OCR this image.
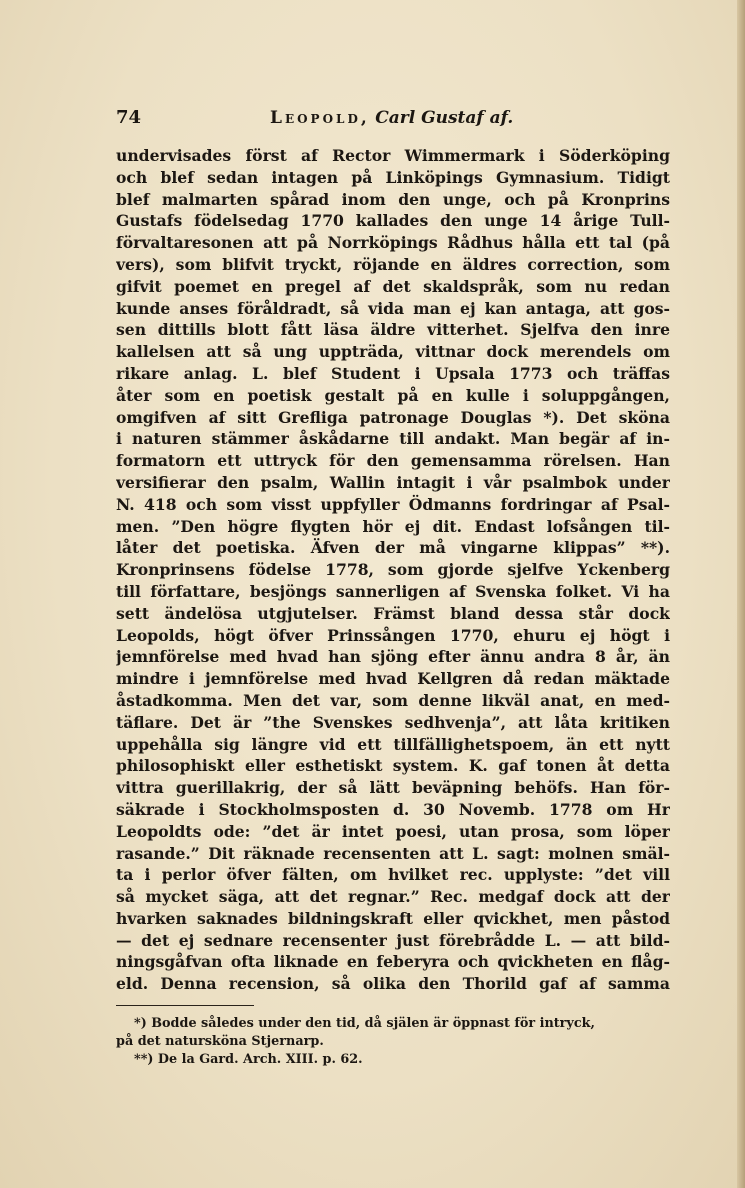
74	Leopold, Carl Gustaf af.
undervisades först af Rector Wimmermark i Söderköping
och blef sedan intagen på Linköpings Gymnasium. Tidigt
blef malmarten spårad inom den unge, och på Kronprins
Gustafs födelsedag 1770 kallades den unge 14 årige Tull-
förvaltaresonen att på Norrköpings Rådhus hålla ett tal (på
vers), som blifvit tryckt, röjande en äldres correction, som
gifvit poemet en pregel af det skaldspråk, som nu redan
kunde anses föråldradt, så vida man ej kan antaga, att gos-
sen dittills blott fått läsa äldre vitterhet. Sjelfva den inre
kallelsen att så ung uppträda, vittnar dock merendels om
rikare anlag. L. blef Student i Upsala 1773 och träffas
åter som en poetisk gestalt på en kulle i soluppgången,
omgifven af sitt Grefliga patronage Douglas *). Det sköna
i naturen stämmer åskådarne till andakt. Man begär af in-
formatorn ett uttryck för den gemensamma rörelsen. Han
versifierar den psalm, Wallin intagit i vår psalmbok under
N. 418 och som visst uppfyller Ödmanns fordringar af Psal-
men. ”Den högre flygten hör ej dit. Endast lofsången til-
låter det poetiska. Äfven der må vingarne klippas” **).
Kronprinsens födelse 1778, som gjorde sjelfve Yckenberg
till författare, besjöngs sannerligen af Svenska folket. Vi ha
sett ändelösa utgjutelser. Främst bland dessa står dock
Leopolds, högt öfver Prinssången 1770, ehuru ej högt i
jemnförelse med hvad han sjöng efter ännu andra 8 år, än
mindre i jemnförelse med hvad Kellgren då redan mäktade
åstadkomma. Men det var, som denne likväl anat, en med-
täflare. Det är ”the Svenskes sedhvenja”, att låta kritiken
uppehålla sig längre vid ett tillfällighetspoem, än ett nytt
philosophiskt eller esthetiskt system. K. gaf tonen åt detta
vittra guerillakrig, der så lätt beväpning behöfs. Han för-
säkrade i Stockholmsposten d. 30 Novemb. 1778 om Hr
Leopoldts ode: ”det är intet poesi, utan prosa, som löper
rasande.” Dit räknade recensenten att L. sagt: molnen smäl-
ta i perlor öfver fälten, om hvilket rec. upplyste: ”det vill
så mycket säga, att det regnar.” Rec. medgaf dock att der
hvarken saknades bildningskraft eller qvickhet, men påstod
— det ej sednare recensenter just förebrådde L. — att bild-
ningsgåfvan ofta liknade en feberyra och qvickheten en flåg-
eld. Denna recension, så olika den Thorild gaf af samma
*) Bodde således under den tid, då själen är öppnast för intryck,
på det natursköna Stjernarp.
**) De la Gard. Arch. XIII. p. 62.
